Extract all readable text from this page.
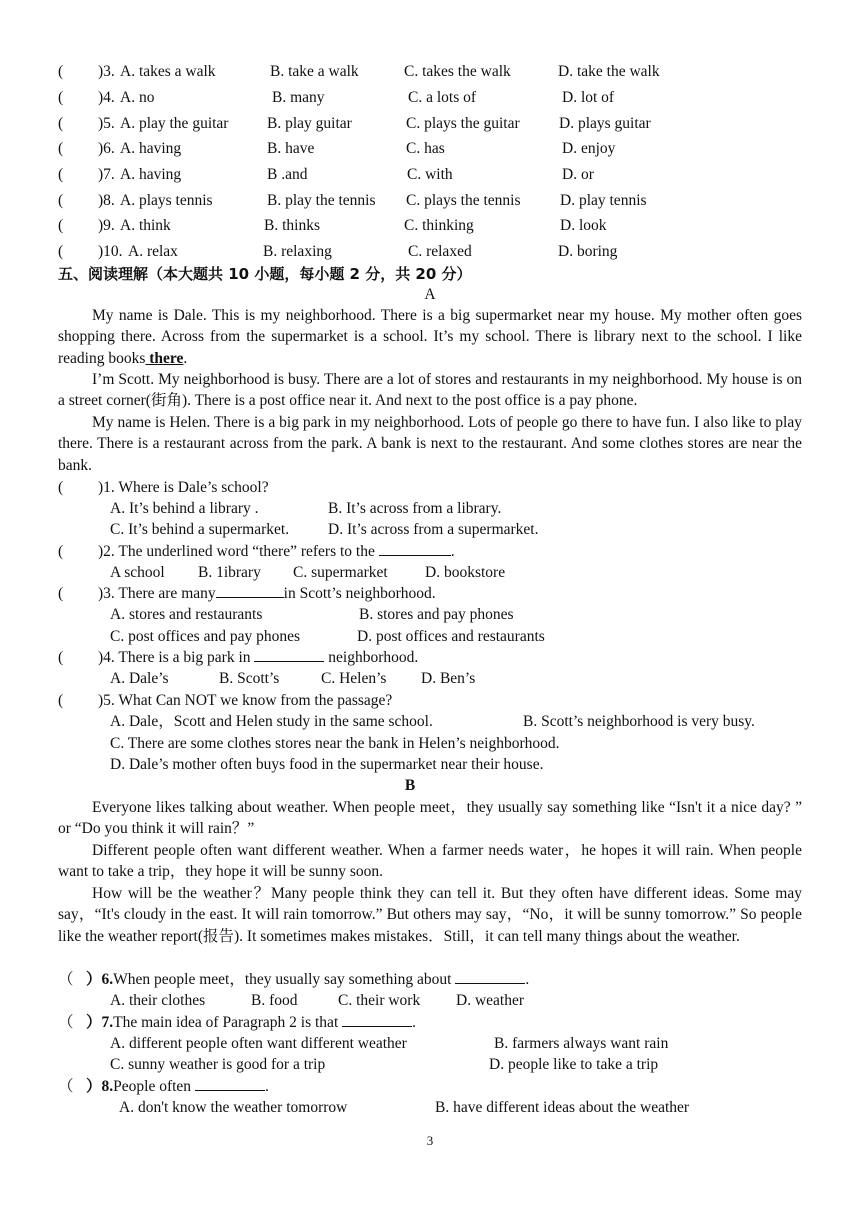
( )3. A. takes a walk	B. take a walk	C. takes the walk	D. take the walk
( )4. A. no	B. many	C. a lots of	D. lot of
( )5. A. play the guitar B. play guitar	C. plays the guitar	D. plays guitar
( )6. A. having	B. have	C. has	D. enjoy
( )7. A. having	B .and	C. with	D. or
( )8. A. plays tennis	B. play the tennis C. plays the tennis	D. play tennis
( )9. A. think	B. thinks	C. thinking	D. look
( )10. A. relax	B. relaxing	C. relaxed	D. boring
五、阅读理解（本大题共 10 小题，每小题 2 分，共 20 分）
A
My name is Dale. This is my neighborhood. There is a big supermarket near my house. My mother often goes shopping there. Across from the supermarket is a school. It’s my school. There is library next to the school. I like reading books there.
I’m Scott. My neighborhood is busy. There are a lot of stores and restaurants in my neighborhood. My house is on a street corner(街角). There is a post office near it. And next to the post office is a pay phone.
My name is Helen. There is a big park in my neighborhood. Lots of people go there to have fun. I also like to play there. There is a restaurant across from the park. A bank is next to the restaurant. And some clothes stores are near the bank.
( )1. Where is Dale’s school?
A. It’s behind a library .	B. It’s across from a library.
C. It’s behind a supermarket.	D. It’s across from a supermarket.
( )2. The underlined word “there” refers to the	.
A school B. 1ibrary C. supermarket D. bookstore
( )3. There are many	in Scott’s neighborhood.
A. stores and restaurants	B. stores and pay phones
C. post offices and pay phones	D. post offices and restaurants
( )4. There is a big park in	neighborhood.
A. Dale’s	B. Scott’s	C. Helen’s D. Ben’s
( )5. What Can NOT we know from the passage?
A. Dale，Scott and Helen study in the same school.	B. Scott’s neighborhood is very busy.
C. There are some clothes stores near the bank in Helen’s neighborhood.
D. Dale’s mother often buys food in the supermarket near their house.
B
Everyone likes talking about weather. When people meet，they usually say something like “Isn't it a nice day? ” or “Do you think it will rain？”
Different people often want different weather. When a farmer needs water，he hopes it will rain. When people want to take a trip，they hope it will be sunny soon.
How will be the weather？Many people think they can tell it. But they often have different ideas. Some may say，“It's cloudy in the east. It will rain tomorrow.” But others may say，“No，it will be sunny tomorrow.” So people like the weather report(报告). It sometimes makes mistakes．Still，it can tell many things about the weather.
（ ）6.When people meet，they usually say something about	.
A. their clothes	B. food	C. their work D. weather
（ ）7.The main idea of Paragraph 2 is that	.
A. different people often want different weather	B. farmers always want rain
C. sunny weather is good for a trip	D. people like to take a trip
（ ）8.People often	.
A. don't know the weather tomorrow	B. have different ideas about the weather
3
